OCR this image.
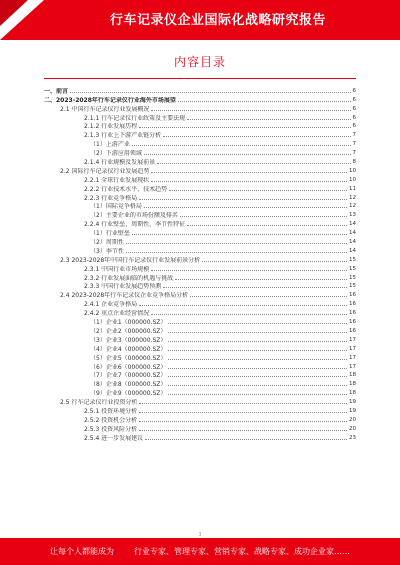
行车记录仪企业国际化战略研究报告
内容目录
一、前言	6
二、2023-2028年行车记录仪行业海外市场展望	6
2.1 中国行车记录仪行业发展概况	6
2.1.1 行车记录仪行业政策及主要法规	6
2.1.2 行业发展历程	6
2.1.3 行业上下游产业链分析	7
（1）上游产业	7
（2）下游应用领域	7
2.1.4 行业规模及发展前景	8
2.2 国际行车记录仪行业发展趋势	10
2.2.1 全球行业发展现状	10
2.2.2 行业技术水平、技术趋势	11
2.2.3 行业竞争格局	12
（1）国际竞争格局	12
（2）主要企业的市场份额及排名	13
2.2.4 行业壁垒、周期性、季节性特征	14
（1）行业壁垒	14
（2）周期性	14
（3）季节性	14
2.3 2023-2028年中国行车记录仪行业发展前景分析	15
2.3.1 中国行业市场规模	15
2.3.2 行业发展面临的机遇与挑战	15
2.3.3 中国行业发展趋势预测	15
2.4 2023-2028年行车记录仪企业竞争格局分析	16
2.4.1 企业竞争格局	16
2.4.2 重点企业经营情况	16
（1）企业1（000000.SZ）	16
（2）企业2（000000.SZ）	16
（3）企业3（000000.SZ）	17
（4）企业4（000000.SZ）	17
（5）企业5（000000.SZ）	17
（6）企业6（000000.SZ）	17
（7）企业7（000000.SZ）	18
（8）企业8（000000.SZ）	18
（9）企业9（000000.SZ）	18
2.5 行车记录仪行业投资分析	19
2.5.1 投资环境分析	19
2.5.2 投资机会分析	20
2.5.3 投资风险分析	20
2.5.4 进一步发展建议	23
3
让每个人都能成为	行业专家、管理专家、营销专家、战略专家、成功企业家……
